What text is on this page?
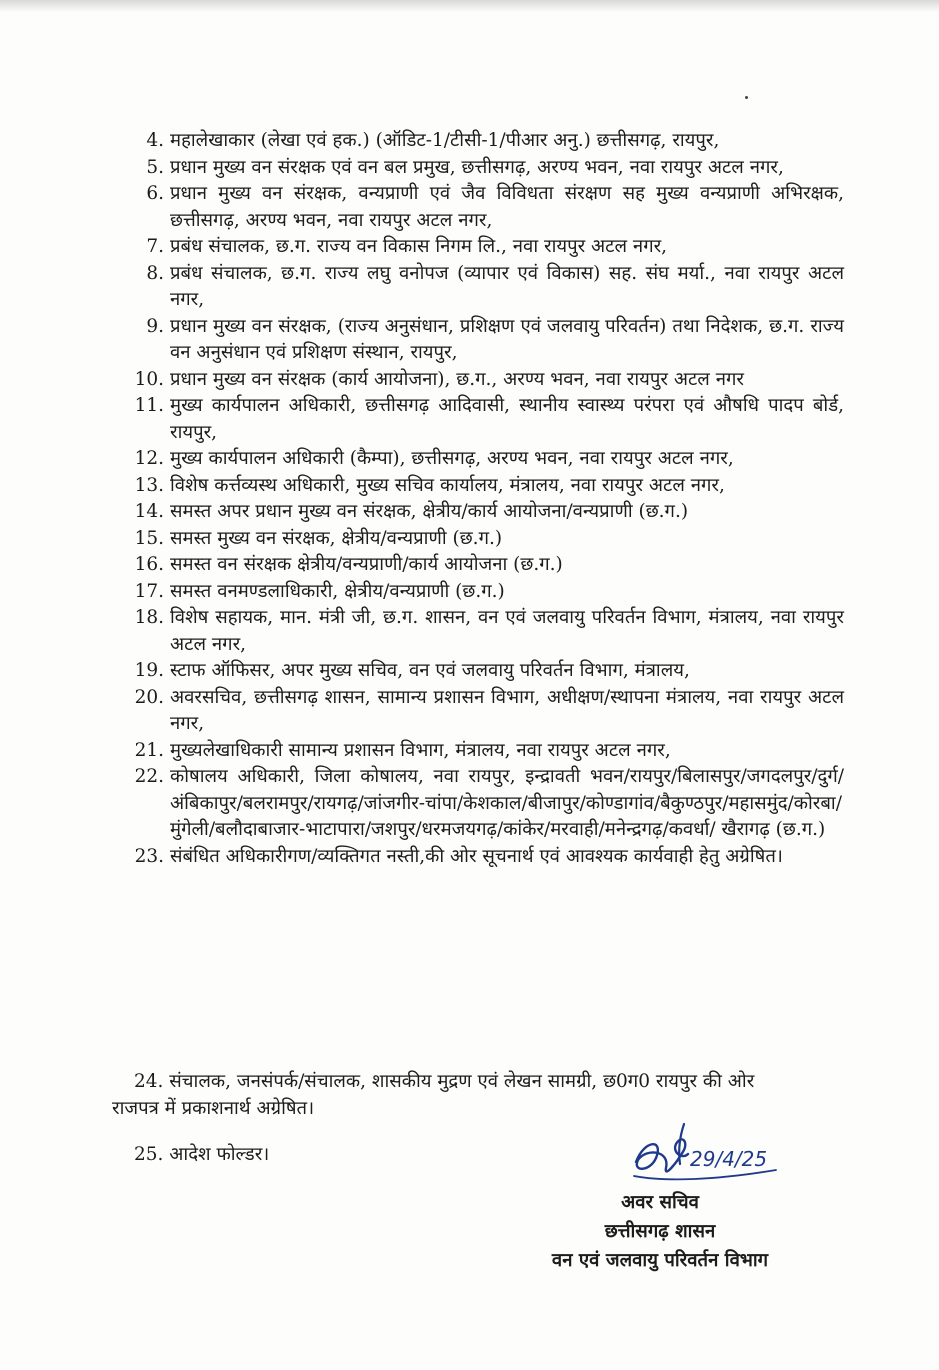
4. महालेखाकार (लेखा एवं हक.) (ऑडिट-1/टीसी-1/पीआर अनु.) छत्तीसगढ़, रायपुर,
5. प्रधान मुख्य वन संरक्षक एवं वन बल प्रमुख, छत्तीसगढ़, अरण्य भवन, नवा रायपुर अटल नगर,
6. प्रधान मुख्य वन संरक्षक, वन्यप्राणी एवं जैव विविधता संरक्षण सह मुख्य वन्यप्राणी अभिरक्षक, छत्तीसगढ़, अरण्य भवन, नवा रायपुर अटल नगर,
7. प्रबंध संचालक, छ.ग. राज्य वन विकास निगम लि., नवा रायपुर अटल नगर,
8. प्रबंध संचालक, छ.ग. राज्य लघु वनोपज (व्यापार एवं विकास) सह. संघ मर्या., नवा रायपुर अटल नगर,
9. प्रधान मुख्य वन संरक्षक, (राज्य अनुसंधान, प्रशिक्षण एवं जलवायु परिवर्तन) तथा निदेशक, छ.ग. राज्य वन अनुसंधान एवं प्रशिक्षण संस्थान, रायपुर,
10. प्रधान मुख्य वन संरक्षक (कार्य आयोजना), छ.ग., अरण्य भवन, नवा रायपुर अटल नगर
11. मुख्य कार्यपालन अधिकारी, छत्तीसगढ़ आदिवासी, स्थानीय स्वास्थ्य परंपरा एवं औषधि पादप बोर्ड, रायपुर,
12. मुख्य कार्यपालन अधिकारी (कैम्पा), छत्तीसगढ़, अरण्य भवन, नवा रायपुर अटल नगर,
13. विशेष कर्त्तव्यस्थ अधिकारी, मुख्य सचिव कार्यालय, मंत्रालय, नवा रायपुर अटल नगर,
14. समस्त अपर प्रधान मुख्य वन संरक्षक, क्षेत्रीय/कार्य आयोजना/वन्यप्राणी (छ.ग.)
15. समस्त मुख्य वन संरक्षक, क्षेत्रीय/वन्यप्राणी (छ.ग.)
16. समस्त वन संरक्षक क्षेत्रीय/वन्यप्राणी/कार्य आयोजना (छ.ग.)
17. समस्त वनमण्डलाधिकारी, क्षेत्रीय/वन्यप्राणी (छ.ग.)
18. विशेष सहायक, मान. मंत्री जी, छ.ग. शासन, वन एवं जलवायु परिवर्तन विभाग, मंत्रालय, नवा रायपुर अटल नगर,
19. स्टाफ ऑफिसर, अपर मुख्य सचिव, वन एवं जलवायु परिवर्तन विभाग, मंत्रालय,
20. अवरसचिव, छत्तीसगढ़ शासन, सामान्य प्रशासन विभाग, अधीक्षण/स्थापना मंत्रालय, नवा रायपुर अटल नगर,
21. मुख्यलेखाधिकारी सामान्य प्रशासन विभाग, मंत्रालय, नवा रायपुर अटल नगर,
22. कोषालय अधिकारी, जिला कोषालय, नवा रायपुर, इन्द्रावती भवन/रायपुर/बिलासपुर/जगदलपुर/दुर्ग/अंबिकापुर/बलरामपुर/रायगढ़/जांजगीर-चांपा/केशकाल/बीजापुर/कोण्डागांव/बैकुण्ठपुर/महासमुंद/कोरबा/मुंगेली/बलौदाबाजार-भाटापारा/जशपुर/धरमजयगढ़/कांकेर/मरवाही/मनेन्द्रगढ़/कवर्धा/ खैरागढ़ (छ.ग.)
23. संबंधित अधिकारीगण/व्यक्तिगत नस्ती,की ओर सूचनार्थ एवं आवश्यक कार्यवाही हेतु अग्रेषित।
24. संचालक, जनसंपर्क/संचालक, शासकीय मुद्रण एवं लेखन सामग्री, छ0ग0 रायपुर की ओर राजपत्र में प्रकाशनार्थ अग्रेषित।
25. आदेश फोल्डर।	29/4/25
अवर सचिव
छत्तीसगढ़ शासन
वन एवं जलवायु परिवर्तन विभाग
